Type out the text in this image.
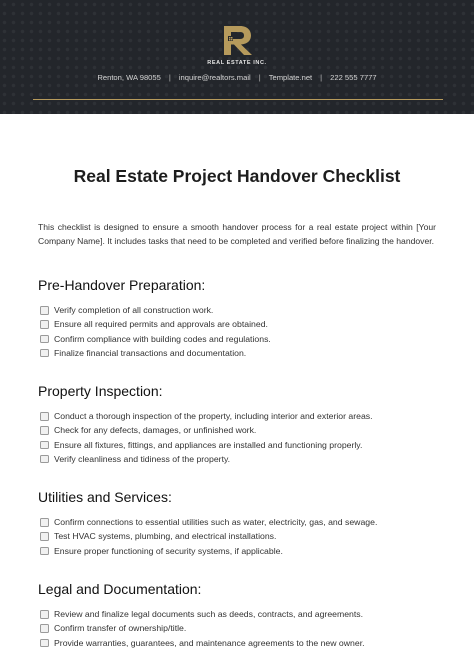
REAL ESTATE INC.
Renton, WA 98055 | inquire@realtors.mail | Template.net | 222 555 7777
Real Estate Project Handover Checklist

This checklist is designed to ensure a smooth handover process for a real estate project within [Your Company Name]. It includes tasks that need to be completed and verified before finalizing the handover.

Pre-Handover Preparation:
Verify completion of all construction work.
Ensure all required permits and approvals are obtained.
Confirm compliance with building codes and regulations.
Finalize financial transactions and documentation.
Property Inspection:
Conduct a thorough inspection of the property, including interior and exterior areas.
Check for any defects, damages, or unfinished work.
Ensure all fixtures, fittings, and appliances are installed and functioning properly.
Verify cleanliness and tidiness of the property.
Utilities and Services:
Confirm connections to essential utilities such as water, electricity, gas, and sewage.
Test HVAC systems, plumbing, and electrical installations.
Ensure proper functioning of security systems, if applicable.
Legal and Documentation:
Review and finalize legal documents such as deeds, contracts, and agreements.
Confirm transfer of ownership/title.
Provide warranties, guarantees, and maintenance agreements to the new owner.
